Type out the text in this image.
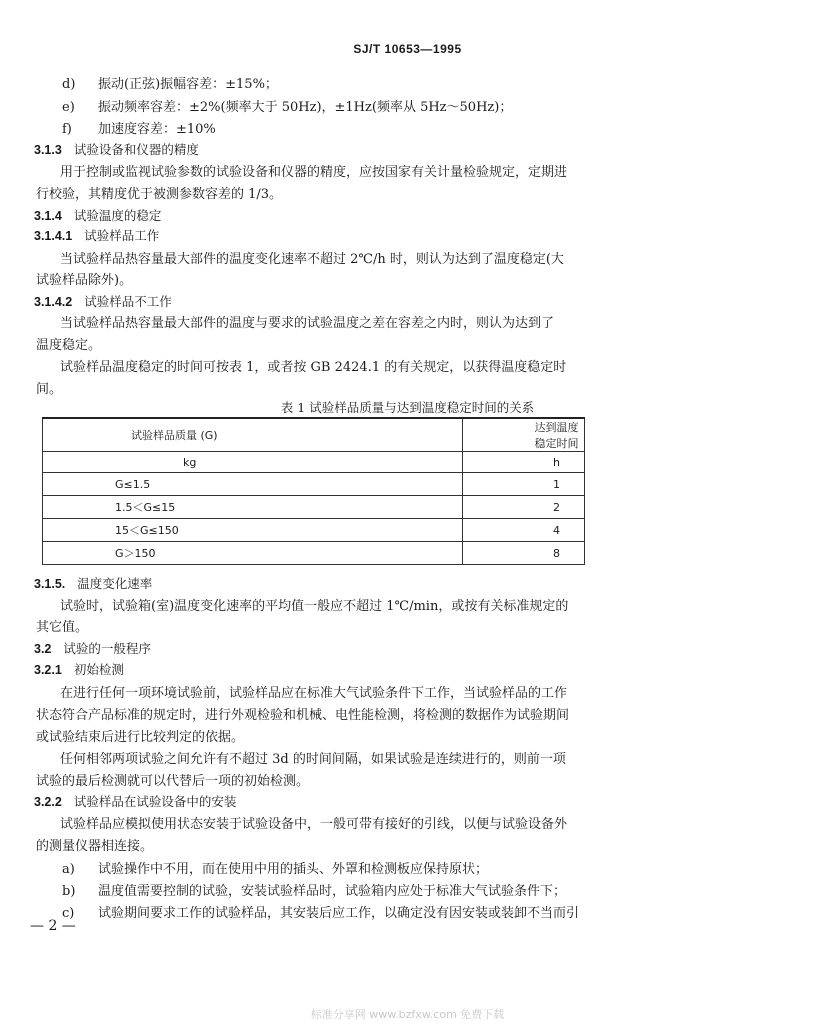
SJ/T 10653—1995
d) 振动(正弦)振幅容差：±15%；
e) 振动频率容差：±2%(频率大于 50Hz)，±1Hz(频率从 5Hz～50Hz)；
f) 加速度容差：±10%
3.1.3 试验设备和仪器的精度
用于控制或监视试验参数的试验设备和仪器的精度，应按国家有关计量检验规定，定期进
行校验，其精度优于被测参数容差的 1/3。
3.1.4 试验温度的稳定
3.1.4.1 试验样品工作
当试验样品热容量最大部件的温度变化速率不超过 2℃/h 时，则认为达到了温度稳定(大
试验样品除外)。
3.1.4.2 试验样品不工作
当试验样品热容量最大部件的温度与要求的试验温度之差在容差之内时，则认为达到了
温度稳定。
试验样品温度稳定的时间可按表 1，或者按 GB 2424.1 的有关规定，以获得温度稳定时
间。
表 1 试验样品质量与达到温度稳定时间的关系
试验样品质量 (G)	达到温度稳定时间
kg	h
G≤1.5	1
1.5＜G≤15	2
15＜G≤150	4
G＞150	8
3.1.5. 温度变化速率
试验时，试验箱(室)温度变化速率的平均值一般应不超过 1℃/min，或按有关标准规定的
其它值。
3.2 试验的一般程序
3.2.1 初始检测
在进行任何一项环境试验前，试验样品应在标准大气试验条件下工作，当试验样品的工作
状态符合产品标准的规定时，进行外观检验和机械、电性能检测，将检测的数据作为试验期间
或试验结束后进行比较判定的依据。
任何相邻两项试验之间允许有不超过 3d 的时间间隔，如果试验是连续进行的，则前一项
试验的最后检测就可以代替后一项的初始检测。
3.2.2 试验样品在试验设备中的安装
试验样品应模拟使用状态安装于试验设备中，一般可带有接好的引线，以便与试验设备外
的测量仪器相连接。
a) 试验操作中不用，而在使用中用的插头、外罩和检测板应保持原状；
b) 温度值需要控制的试验，安装试验样品时，试验箱内应处于标准大气试验条件下；
c) 试验期间要求工作的试验样品，其安装后应工作，以确定没有因安装或装卸不当而引
— 2 —
标准分享网 www.bzfxw.com 免费下载
